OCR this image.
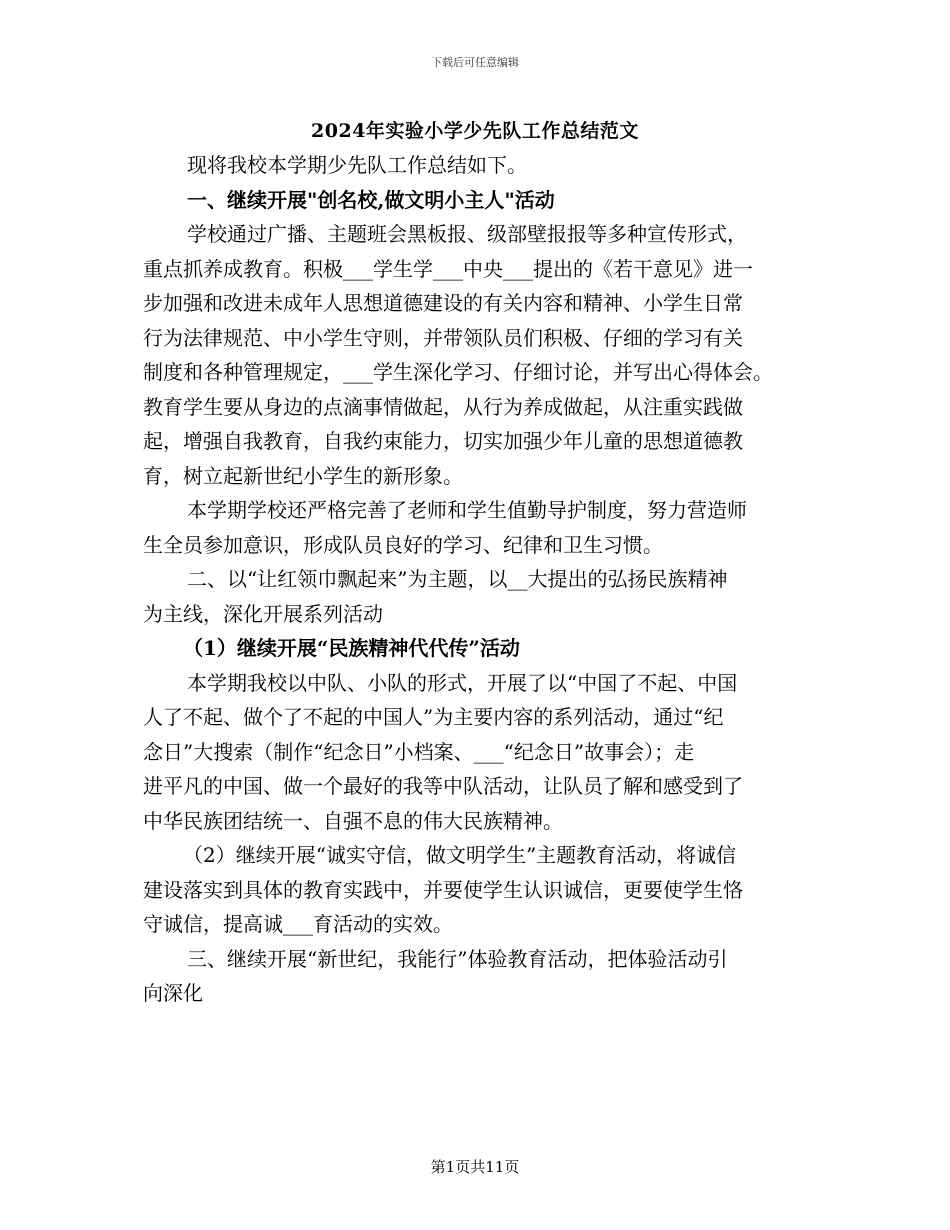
下载后可任意编辑
2024年实验小学少先队工作总结范文

现将我校本学期少先队工作总结如下。

一、继续开展"创名校,做文明小主人"活动

学校通过广播、主题班会黑板报、级部壁报报等多种宣传形式，

重点抓养成教育。积极___学生学___中央___提出的《若干意见》进一

步加强和改进未成年人思想道德建设的有关内容和精神、小学生日常

行为法律规范、中小学生守则，并带领队员们积极、仔细的学习有关

制度和各种管理规定，___学生深化学习、仔细讨论，并写出心得体会。

教育学生要从身边的点滴事情做起，从行为养成做起，从注重实践做

起，增强自我教育，自我约束能力，切实加强少年儿童的思想道德教

育，树立起新世纪小学生的新形象。

本学期学校还严格完善了老师和学生值勤导护制度，努力营造师

生全员参加意识，形成队员良好的学习、纪律和卫生习惯。

二、以“让红领巾飘起来”为主题，以__大提出的弘扬民族精神

为主线，深化开展系列活动

（1）继续开展“民族精神代代传”活动

本学期我校以中队、小队的形式，开展了以“中国了不起、中国

人了不起、做个了不起的中国人”为主要内容的系列活动，通过“纪

念日”大搜索（制作“纪念日”小档案、___“纪念日”故事会）；走

进平凡的中国、做一个最好的我等中队活动，让队员了解和感受到了

中华民族团结统一、自强不息的伟大民族精神。

（2）继续开展“诚实守信，做文明学生”主题教育活动，将诚信

建设落实到具体的教育实践中，并要使学生认识诚信，更要使学生恪

守诚信，提高诚___育活动的实效。

三、继续开展“新世纪，我能行”体验教育活动，把体验活动引

向深化

第1页共11页
